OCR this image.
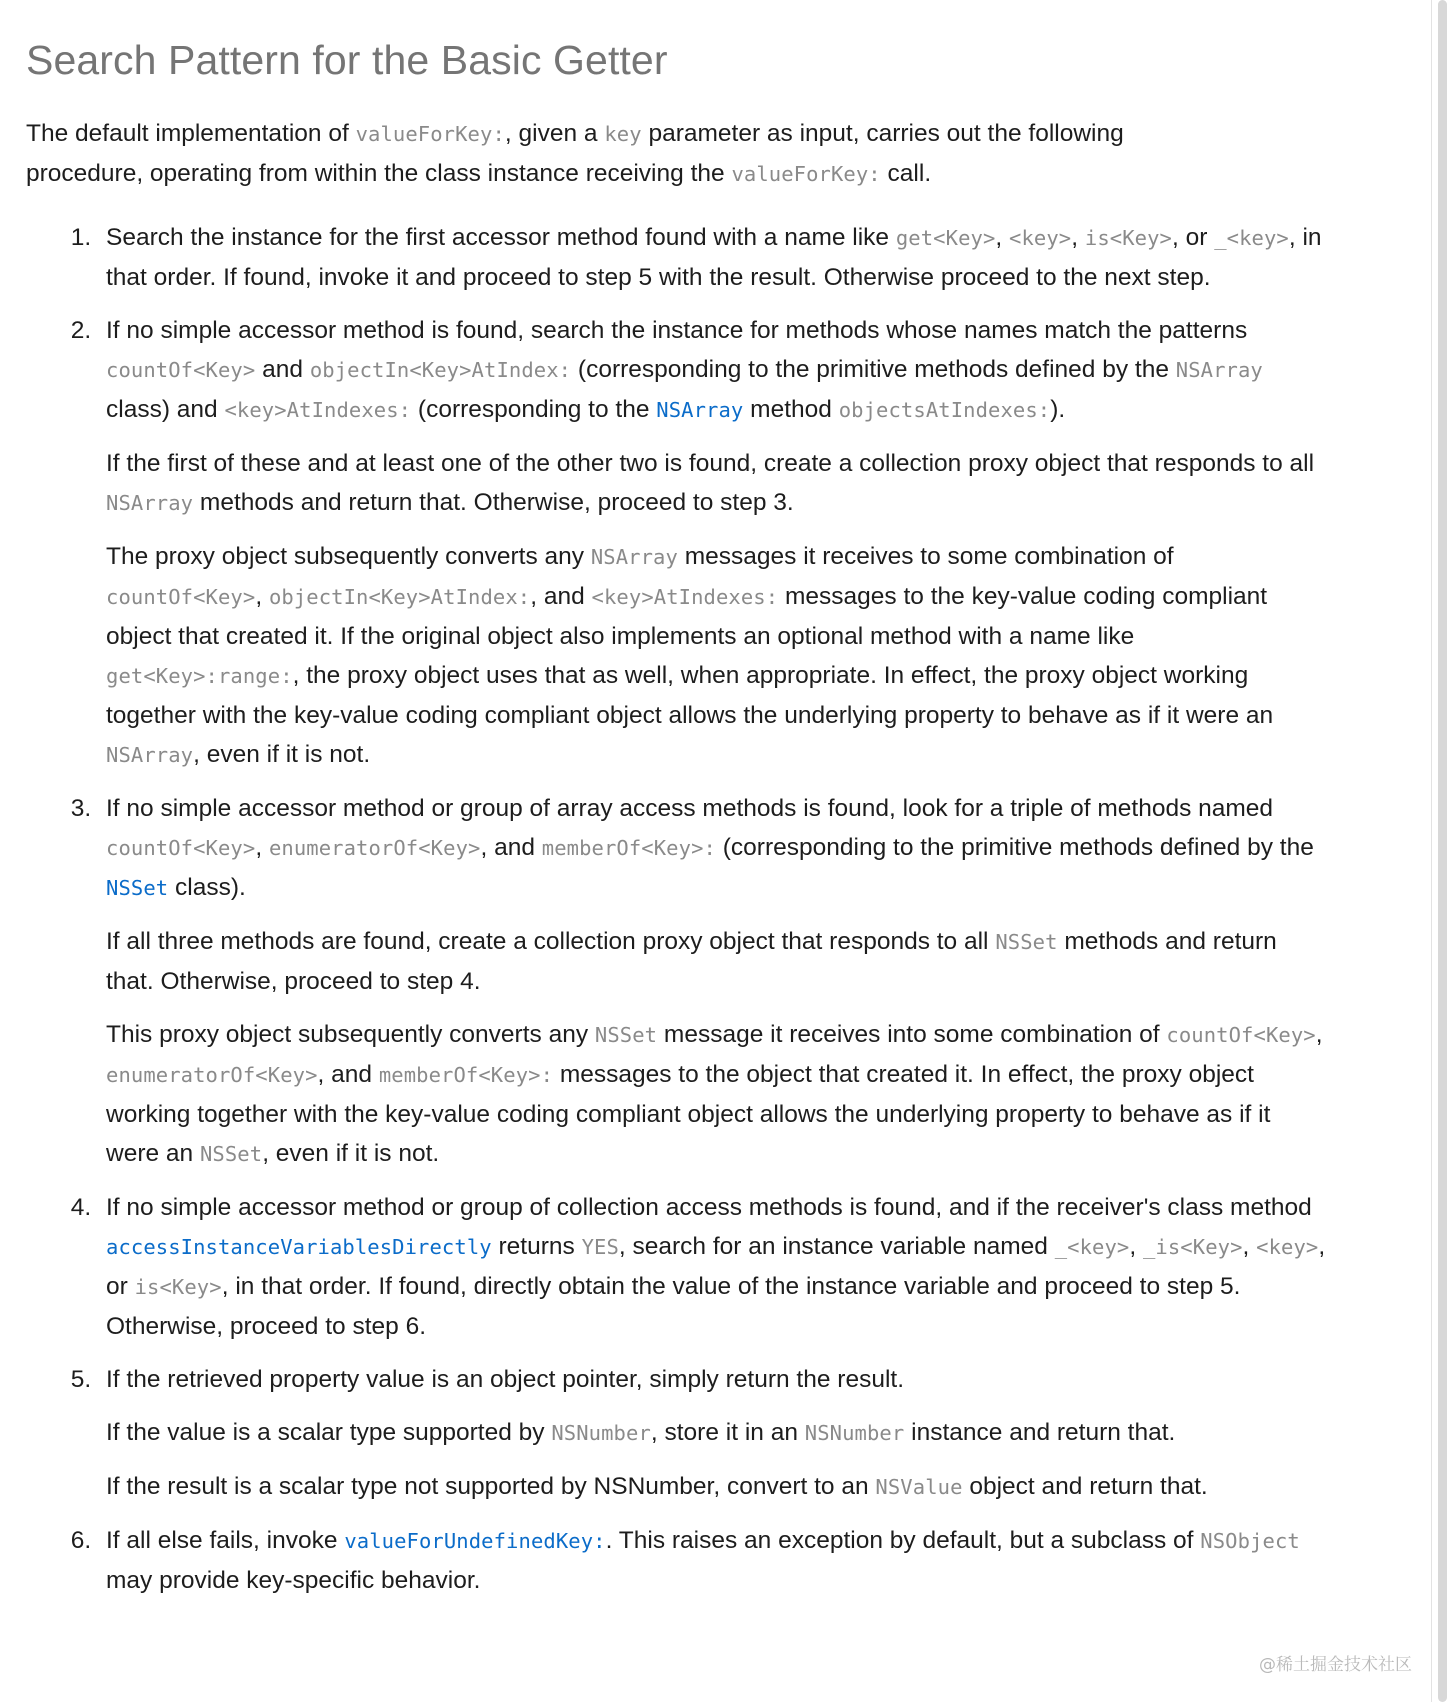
Search Pattern for the Basic Getter

The default implementation of valueForKey:, given a key parameter as input, carries out the following procedure, operating from within the class instance receiving the valueForKey: call.

1. Search the instance for the first accessor method found with a name like get<Key>, <key>, is<Key>, or _<key>, in that order. If found, invoke it and proceed to step 5 with the result. Otherwise proceed to the next step.

2. If no simple accessor method is found, search the instance for methods whose names match the patterns countOf<Key> and objectIn<Key>AtIndex: (corresponding to the primitive methods defined by the NSArray class) and <key>AtIndexes: (corresponding to the NSArray method objectsAtIndexes:).

If the first of these and at least one of the other two is found, create a collection proxy object that responds to all NSArray methods and return that. Otherwise, proceed to step 3.

The proxy object subsequently converts any NSArray messages it receives to some combination of countOf<Key>, objectIn<Key>AtIndex:, and <key>AtIndexes: messages to the key-value coding compliant object that created it. If the original object also implements an optional method with a name like get<Key>:range:, the proxy object uses that as well, when appropriate. In effect, the proxy object working together with the key-value coding compliant object allows the underlying property to behave as if it were an NSArray, even if it is not.

3. If no simple accessor method or group of array access methods is found, look for a triple of methods named countOf<Key>, enumeratorOf<Key>, and memberOf<Key>: (corresponding to the primitive methods defined by the NSSet class).

If all three methods are found, create a collection proxy object that responds to all NSSet methods and return that. Otherwise, proceed to step 4.

This proxy object subsequently converts any NSSet message it receives into some combination of countOf<Key>, enumeratorOf<Key>, and memberOf<Key>: messages to the object that created it. In effect, the proxy object working together with the key-value coding compliant object allows the underlying property to behave as if it were an NSSet, even if it is not.

4. If no simple accessor method or group of collection access methods is found, and if the receiver's class method accessInstanceVariablesDirectly returns YES, search for an instance variable named _<key>, _is<Key>, <key>, or is<Key>, in that order. If found, directly obtain the value of the instance variable and proceed to step 5. Otherwise, proceed to step 6.

5. If the retrieved property value is an object pointer, simply return the result.

If the value is a scalar type supported by NSNumber, store it in an NSNumber instance and return that.

If the result is a scalar type not supported by NSNumber, convert to an NSValue object and return that.

6. If all else fails, invoke valueForUndefinedKey:. This raises an exception by default, but a subclass of NSObject may provide key-specific behavior.

@稀土掘金技术社区
